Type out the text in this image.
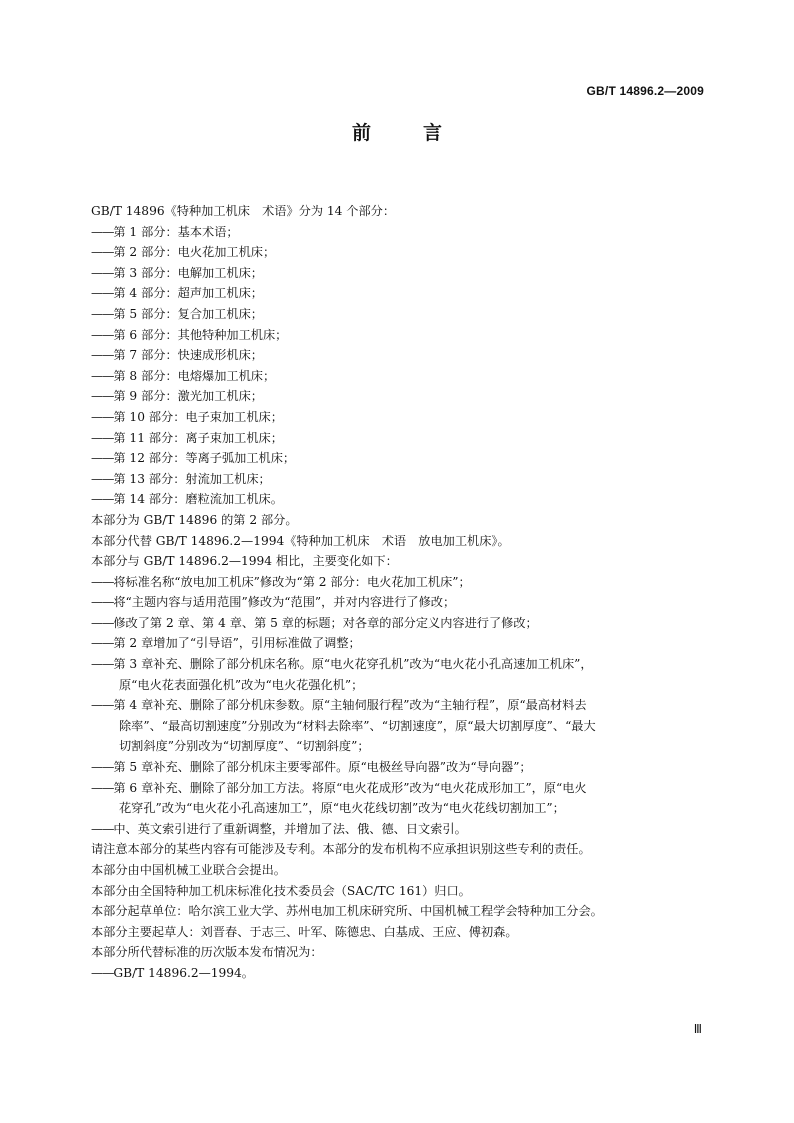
GB/T 14896.2—2009
前	言
GB/T 14896《特种加工机床　术语》分为 14 个部分：
——第 1 部分：基本术语；
——第 2 部分：电火花加工机床；
——第 3 部分：电解加工机床；
——第 4 部分：超声加工机床；
——第 5 部分：复合加工机床；
——第 6 部分：其他特种加工机床；
——第 7 部分：快速成形机床；
——第 8 部分：电熔爆加工机床；
——第 9 部分：激光加工机床；
——第 10 部分：电子束加工机床；
——第 11 部分：离子束加工机床；
——第 12 部分：等离子弧加工机床；
——第 13 部分：射流加工机床；
——第 14 部分：磨粒流加工机床。
本部分为 GB/T 14896 的第 2 部分。
本部分代替 GB/T 14896.2—1994《特种加工机床　术语　放电加工机床》。
本部分与 GB/T 14896.2—1994 相比，主要变化如下：
——将标准名称“放电加工机床”修改为“第 2 部分：电火花加工机床”；
——将“主题内容与适用范围”修改为“范围”，并对内容进行了修改；
——修改了第 2 章、第 4 章、第 5 章的标题；对各章的部分定义内容进行了修改；
——第 2 章增加了“引导语”，引用标准做了调整；
——第 3 章补充、删除了部分机床名称。原“电火花穿孔机”改为“电火花小孔高速加工机床”，
原“电火花表面强化机”改为“电火花强化机”；
——第 4 章补充、删除了部分机床参数。原“主轴伺服行程”改为“主轴行程”，原“最高材料去
除率”、“最高切割速度”分别改为“材料去除率”、“切割速度”，原“最大切割厚度”、“最大
切割斜度”分别改为“切割厚度”、“切割斜度”；
——第 5 章补充、删除了部分机床主要零部件。原“电极丝导向器”改为“导向器”；
——第 6 章补充、删除了部分加工方法。将原“电火花成形”改为“电火花成形加工”，原“电火
花穿孔”改为“电火花小孔高速加工”，原“电火花线切割”改为“电火花线切割加工”；
——中、英文索引进行了重新调整，并增加了法、俄、德、日文索引。
请注意本部分的某些内容有可能涉及专利。本部分的发布机构不应承担识别这些专利的责任。
本部分由中国机械工业联合会提出。
本部分由全国特种加工机床标准化技术委员会（SAC/TC 161）归口。
本部分起草单位：哈尔滨工业大学、苏州电加工机床研究所、中国机械工程学会特种加工分会。
本部分主要起草人：刘晋春、于志三、叶军、陈德忠、白基成、王应、傅初森。
本部分所代替标准的历次版本发布情况为：
——GB/T 14896.2—1994。
Ⅲ
